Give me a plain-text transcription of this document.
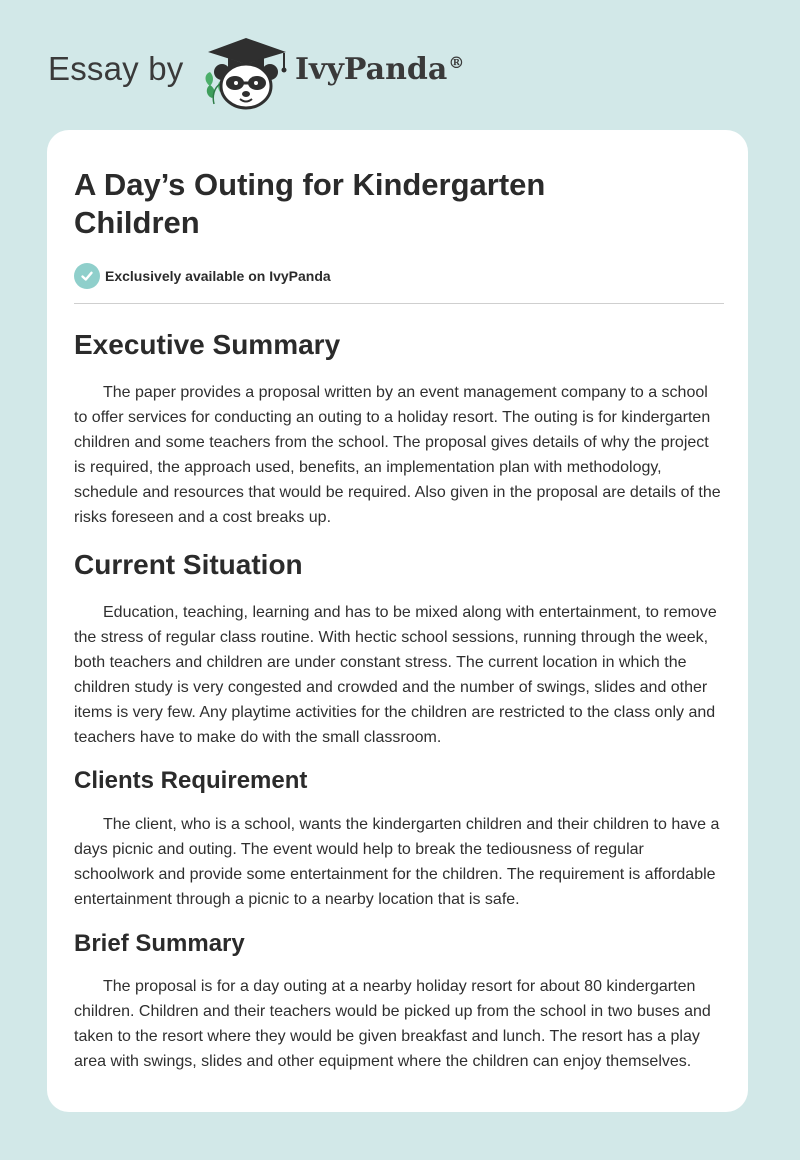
Essay by	IvyPanda®
A Day’s Outing for Kindergarten Children
Exclusively available on IvyPanda
Executive Summary

The paper provides a proposal written by an event management company to a school to offer services for conducting an outing to a holiday resort. The outing is for kindergarten children and some teachers from the school. The proposal gives details of why the project is required, the approach used, benefits, an implementation plan with methodology, schedule and resources that would be required. Also given in the proposal are details of the risks foreseen and a cost breaks up.

Current Situation

Education, teaching, learning and has to be mixed along with entertainment, to remove the stress of regular class routine. With hectic school sessions, running through the week, both teachers and children are under constant stress. The current location in which the children study is very congested and crowded and the number of swings, slides and other items is very few. Any playtime activities for the children are restricted to the class only and teachers have to make do with the small classroom.

Clients Requirement

The client, who is a school, wants the kindergarten children and their children to have a days picnic and outing. The event would help to break the tediousness of regular schoolwork and provide some entertainment for the children. The requirement is affordable entertainment through a picnic to a nearby location that is safe.

Brief Summary

The proposal is for a day outing at a nearby holiday resort for about 80 kindergarten children. Children and their teachers would be picked up from the school in two buses and taken to the resort where they would be given breakfast and lunch. The resort has a play area with swings, slides and other equipment where the children can enjoy themselves.
